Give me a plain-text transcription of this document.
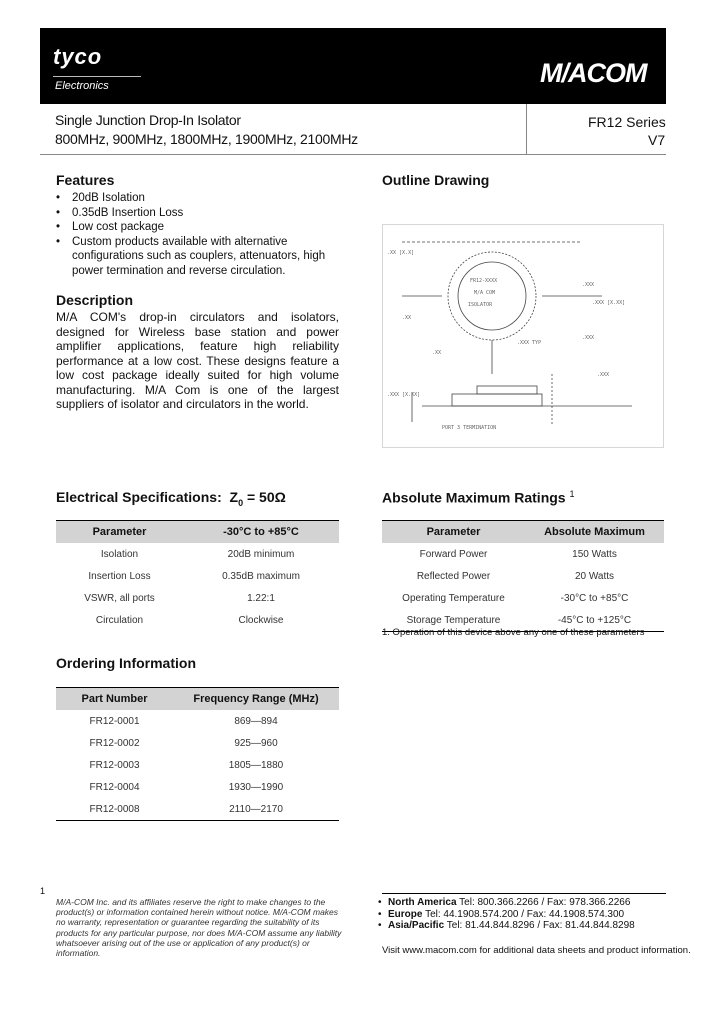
tyco
Electronics	M/ACOM
Single Junction Drop-In Isolator
800MHz, 900MHz, 1800MHz, 1900MHz, 2100MHz
FR12 Series
V7
Features
• 20dB Isolation
• 0.35dB Insertion Loss
• Low cost package
• Custom products available with alternative configurations such as couplers, attenuators, high power termination and reverse circulation.
Description
M/A COM's drop-in circulators and isolators, designed for Wireless base station and power amplifier applications, feature high reliability performance at a low cost. These designs feature a low cost package ideally suited for high volume manufacturing. M/A Com is one of the largest suppliers of isolator and circulators in the world.
Outline Drawing
FR12-XXXX
M/A COM
ISOLATOR
.XX [X.X]
.XXX
.XXX [X.XX]
.XX
.XXX TYP
.XXX
.XX
.XXX
.XXX [X.XX]
PORT 3 TERMINATION
Electrical Specifications: $Z_0 = 50\Omega$
Parameter	-30°C to +85°C
Isolation	20dB minimum
Insertion Loss	0.35dB maximum
VSWR, all ports	1.22:1
Circulation	Clockwise
Absolute Maximum Ratings $^1$
Parameter	Absolute Maximum
Forward Power	150 Watts
Reflected Power	20 Watts
Operating Temperature	-30°C to +85°C
Storage Temperature	-45°C to +125°C
1. Operation of this device above any one of these parameters
Ordering Information
Part Number	Frequency Range (MHz)
FR12-0001	869—894
FR12-0002	925—960
FR12-0003	1805—1880
FR12-0004	1930—1990
FR12-0008	2110—2170
1
M/A-COM Inc. and its affiliates reserve the right to make changes to the product(s) or information contained herein without notice. M/A-COM makes no warranty, representation or guarantee regarding the suitability of its products for any particular purpose, nor does M/A-COM assume any liability whatsoever arising out of the use or application of any product(s) or information.
• North America Tel: 800.366.2266 / Fax: 978.366.2266
• Europe Tel: 44.1908.574.200 / Fax: 44.1908.574.300
• Asia/Pacific Tel: 81.44.844.8296 / Fax: 81.44.844.8298
Visit www.macom.com for additional data sheets and product information.
